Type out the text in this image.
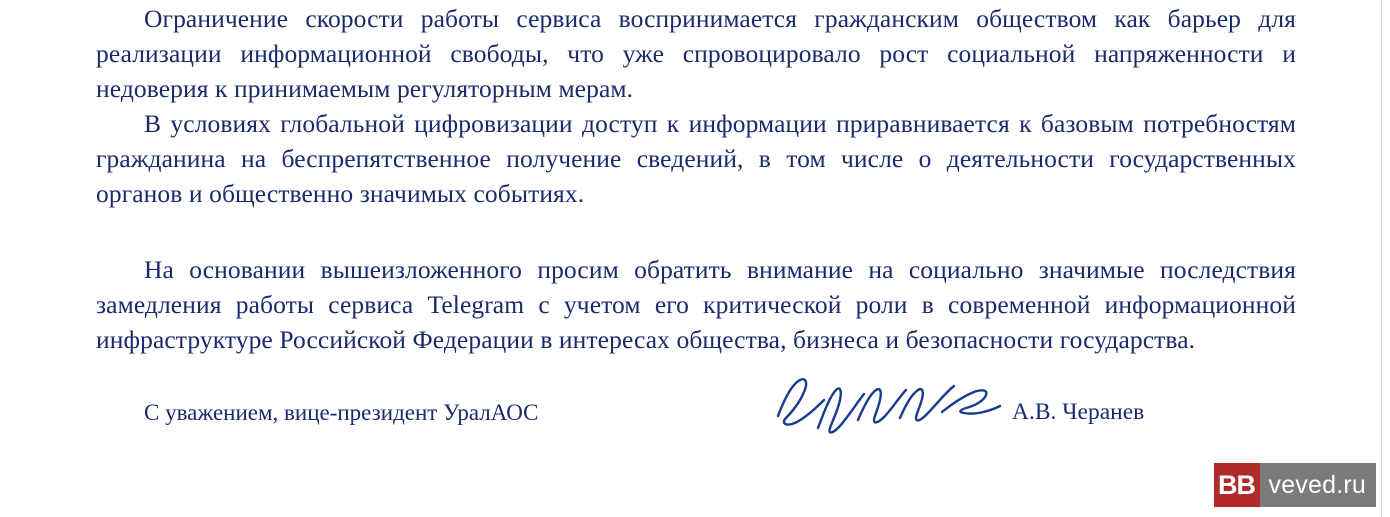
Ограничение скорости работы сервиса воспринимается гражданским обществом как барьер для реализации информационной свободы, что уже спровоцировало рост социальной напряженности и недоверия к принимаемым регуляторным мерам.

В условиях глобальной цифровизации доступ к информации приравнивается к базовым потребностям гражданина на беспрепятственное получение сведений, в том числе о деятельности государственных органов и общественно значимых событиях.

На основании вышеизложенного просим обратить внимание на социально значимые последствия замедления работы сервиса Telegram с учетом его критической роли в современной информационной инфраструктуре Российской Федерации в интересах общества, бизнеса и безопасности государства.

С уважением, вице-президент УралАОС	А.В. Черанев
BB veved.ru
